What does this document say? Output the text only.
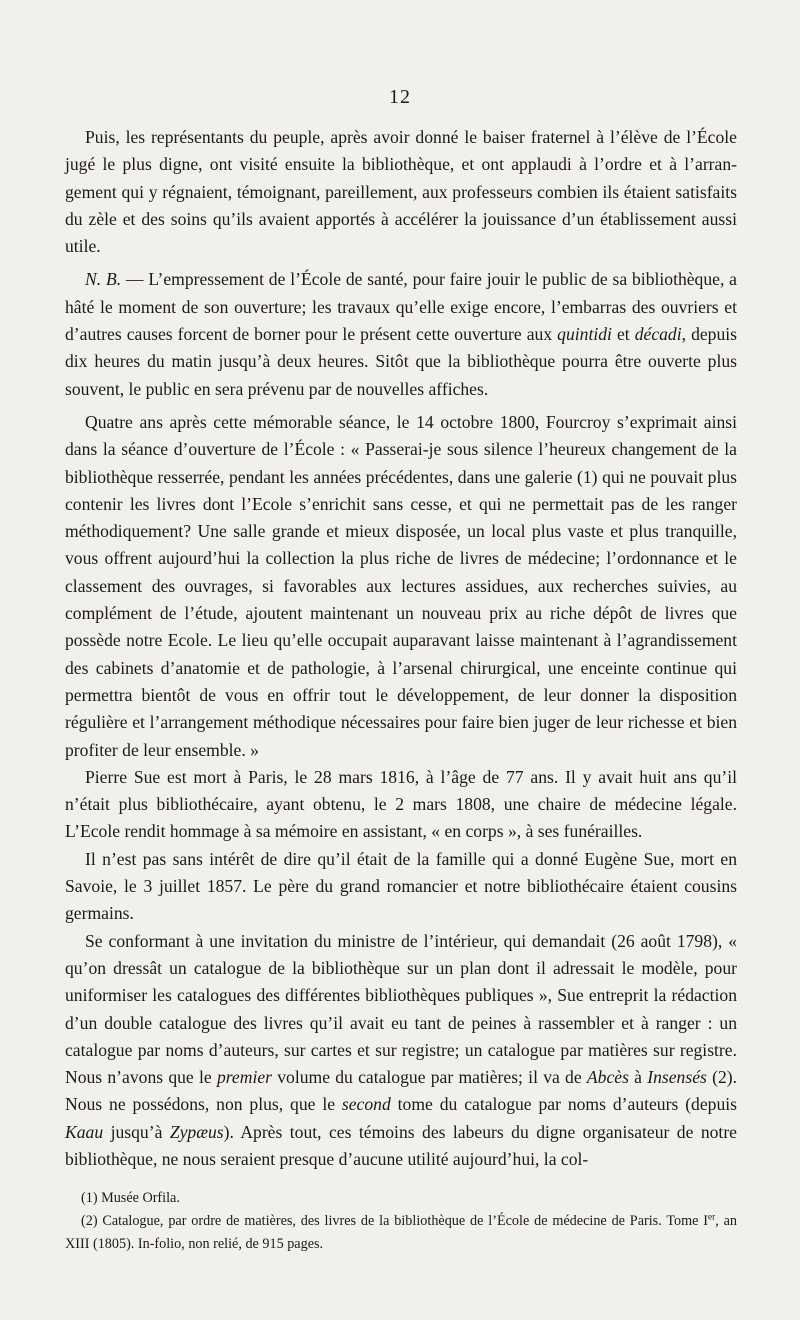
12

Puis, les représentants du peuple, après avoir donné le baiser fraternel à l’élève de l’École jugé le plus digne, ont visité ensuite la bibliothèque, et ont applaudi à l’ordre et à l’arrangement qui y régnaient, témoignant, pareillement, aux professeurs combien ils étaient satisfaits du zèle et des soins qu’ils avaient apportés à accélérer la jouissance d’un établissement aussi utile.

N. B. — L’empressement de l’École de santé, pour faire jouir le public de sa bibliothèque, a hâté le moment de son ouverture; les travaux qu’elle exige encore, l’embarras des ouvriers et d’autres causes forcent de borner pour le présent cette ouverture aux quintidi et décadi, depuis dix heures du matin jusqu’à deux heures. Sitôt que la bibliothèque pourra être ouverte plus souvent, le public en sera prévenu par de nouvelles affiches.

Quatre ans après cette mémorable séance, le 14 octobre 1800, Fourcroy s’exprimait ainsi dans la séance d’ouverture de l’École : « Passerai-je sous silence l’heureux changement de la bibliothèque resserrée, pendant les années précédentes, dans une galerie (1) qui ne pouvait plus contenir les livres dont l’Ecole s’enrichit sans cesse, et qui ne permettait pas de les ranger méthodiquement? Une salle grande et mieux disposée, un local plus vaste et plus tranquille, vous offrent aujourd’hui la collection la plus riche de livres de médecine; l’ordonnance et le classement des ouvrages, si favorables aux lectures assidues, aux recherches suivies, au complément de l’étude, ajoutent maintenant un nouveau prix au riche dépôt de livres que possède notre Ecole. Le lieu qu’elle occupait auparavant laisse maintenant à l’agrandissement des cabinets d’anatomie et de pathologie, à l’arsenal chirurgical, une enceinte continue qui permettra bientôt de vous en offrir tout le développement, de leur donner la disposition régulière et l’arrangement méthodique nécessaires pour faire bien juger de leur richesse et bien profiter de leur ensemble. »

Pierre Sue est mort à Paris, le 28 mars 1816, à l’âge de 77 ans. Il y avait huit ans qu’il n’était plus bibliothécaire, ayant obtenu, le 2 mars 1808, une chaire de médecine légale. L’Ecole rendit hommage à sa mémoire en assistant, « en corps », à ses funérailles.

Il n’est pas sans intérêt de dire qu’il était de la famille qui a donné Eugène Sue, mort en Savoie, le 3 juillet 1857. Le père du grand romancier et notre bibliothécaire étaient cousins germains.

Se conformant à une invitation du ministre de l’intérieur, qui demandait (26 août 1798), « qu’on dressât un catalogue de la bibliothèque sur un plan dont il adressait le modèle, pour uniformiser les catalogues des différentes bibliothèques publiques », Sue entreprit la rédaction d’un double catalogue des livres qu’il avait eu tant de peines à rassembler et à ranger : un catalogue par noms d’auteurs, sur cartes et sur registre; un catalogue par matières sur registre. Nous n’avons que le premier volume du catalogue par matières; il va de Abcès à Insensés (2). Nous ne possédons, non plus, que le second tome du catalogue par noms d’auteurs (depuis Kaau jusqu’à Zypæus). Après tout, ces témoins des labeurs du digne organisateur de notre bibliothèque, ne nous seraient presque d’aucune utilité aujourd’hui, la col-

(1) Musée Orfila.

(2) Catalogue, par ordre de matières, des livres de la bibliothèque de l’École de médecine de Paris. Tome Ier, an XIII (1805). In-folio, non relié, de 915 pages.
